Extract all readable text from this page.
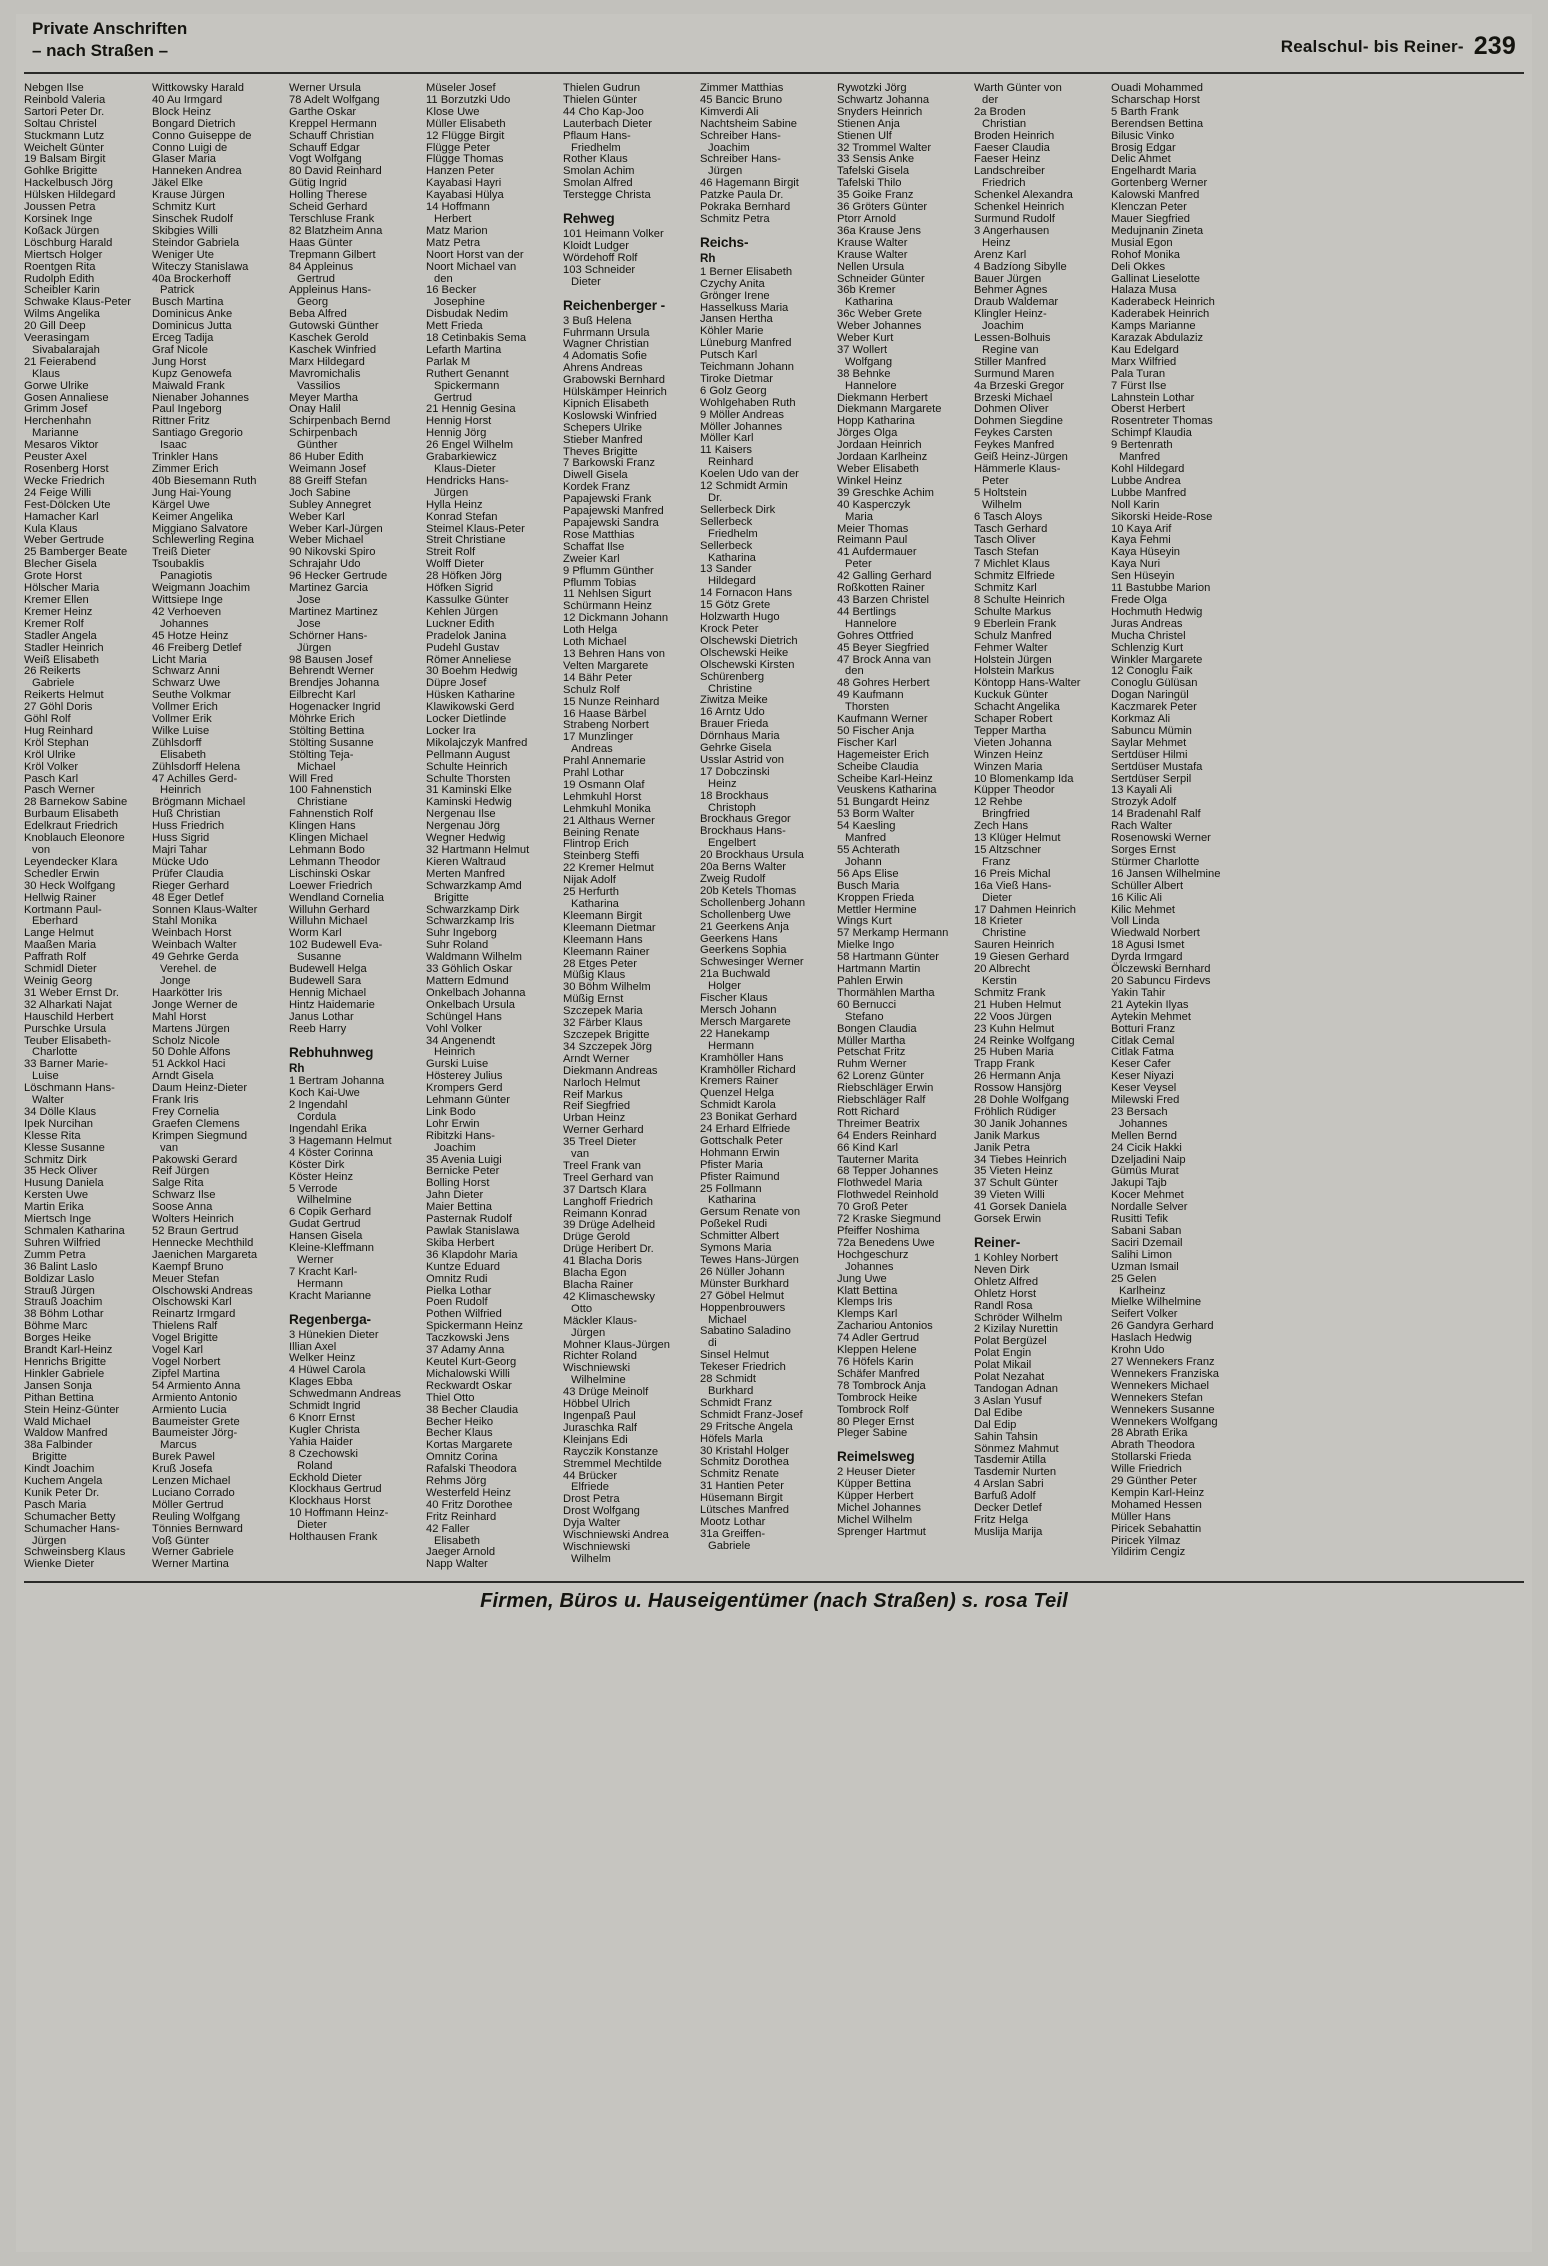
Private Anschriften
– nach Straßen –	Realschul- bis Reiner- 239
Nebgen Ilse
Reinbold Valeria
Sartori Peter Dr.
Soltau Christel
Stuckmann Lutz
Weichelt Günter
19 Balsam Birgit
Gohlke Brigitte
Hackelbusch Jörg
Hülsken Hildegard
Joussen Petra
Korsinek Inge
Koßack Jürgen
Löschburg Harald
Miertsch Holger
Roentgen Rita
Rudolph Edith
Scheibler Karin
Schwake Klaus-Peter
Wilms Angelika
20 Gill Deep
Veerasingam
Sivabalarajah
21 Feierabend
Klaus
Gorwe Ulrike
Gosen Annaliese
Grimm Josef
Herchenhahn
Marianne
Mesaros Viktor
Peuster Axel
Rosenberg Horst
Wecke Friedrich
24 Feige Willi
Fest-Dölcken Ute
Hamacher Karl
Kula Klaus
Weber Gertrude
25 Bamberger Beate
Blecher Gisela
Grote Horst
Hölscher Maria
Kremer Ellen
Kremer Heinz
Kremer Rolf
Stadler Angela
Stadler Heinrich
Weiß Elisabeth
26 Reikerts
Gabriele
Reikerts Helmut
27 Göhl Doris
Göhl Rolf
Hug Reinhard
Kröl Stephan
Kröl Ulrike
Kröl Volker
Pasch Karl
Pasch Werner
28 Barnekow Sabine
Burbaum Elisabeth
Edelkraut Friedrich
Knoblauch Eleonore
von
Leyendecker Klara
Schedler Erwin
30 Heck Wolfgang
Hellwig Rainer
Kortmann Paul-
Eberhard
Lange Helmut
Maaßen Maria
Paffrath Rolf
Schmidl Dieter
Weinig Georg
31 Weber Ernst Dr.
32 Alharkati Najat
Hauschild Herbert
Purschke Ursula
Teuber Elisabeth-
Charlotte
33 Barner Marie-
Luise
Löschmann Hans-
Walter
34 Dölle Klaus
Ipek Nurcihan
Klesse Rita
Klesse Susanne
Schmitz Dirk
35 Heck Oliver
Husung Daniela
Kersten Uwe
Martin Erika
Miertsch Inge
Schmalen Katharina
Suhren Wilfried
Zumm Petra
36 Balint Laslo
Boldizar Laslo
Strauß Jürgen
Strauß Joachim
38 Böhm Lothar
Böhme Marc
Borges Heike
Brandt Karl-Heinz
Henrichs Brigitte
Hinkler Gabriele
Jansen Sonja
Pithan Bettina
Stein Heinz-Günter
Wald Michael
Waldow Manfred
38a Falbinder
Brigitte
Kindt Joachim
Kuchem Angela
Kunik Peter Dr.
Pasch Maria
Schumacher Betty
Schumacher Hans-
Jürgen
Schweinsberg Klaus
Wienke Dieter
Wittkowsky Harald
40 Au Irmgard
Block Heinz
Bongard Dietrich
Conno Guiseppe de
Conno Luigi de
Glaser Maria
Hanneken Andrea
Jäkel Elke
Krause Jürgen
Schmitz Kurt
Sinschek Rudolf
Skibgies Willi
Steindor Gabriela
Weniger Ute
Witeczy Stanislawa
40a Brockerhoff
Patrick
Busch Martina
Dominicus Anke
Dominicus Jutta
Erceg Tadija
Graf Nicole
Jung Horst
Kupz Genowefa
Maiwald Frank
Nienaber Johannes
Paul Ingeborg
Rittner Fritz
Santiago Gregorio
Isaac
Trinkler Hans
Zimmer Erich
40b Biesemann Ruth
Jung Hai-Young
Kärgel Uwe
Keimer Angelika
Miggiano Salvatore
Schlewerling Regina
Treiß Dieter
Tsoubaklis
Panagiotis
Weigmann Joachim
Wittsiepe Inge
42 Verhoeven
Johannes
45 Hotze Heinz
46 Freiberg Detlef
Licht Maria
Schwarz Anni
Schwarz Uwe
Seuthe Volkmar
Vollmer Erich
Vollmer Erik
Wilke Luise
Zühlsdorff
Elisabeth
Zühlsdorff Helena
47 Achilles Gerd-
Heinrich
Brögmann Michael
Huß Christian
Huss Friedrich
Huss Sigrid
Majri Tahar
Mücke Udo
Prüfer Claudia
Rieger Gerhard
48 Eger Detlef
Sonnen Klaus-Walter
Stahl Monika
Weinbach Horst
Weinbach Walter
49 Gehrke Gerda
Verehel. de
Jonge
Haarkötter Iris
Jonge Werner de
Mahl Horst
Martens Jürgen
Scholz Nicole
50 Dohle Alfons
51 Ackkol Haci
Arndt Gisela
Daum Heinz-Dieter
Frank Iris
Frey Cornelia
Graefen Clemens
Krimpen Siegmund
van
Pakowski Gerard
Reif Jürgen
Salge Rita
Schwarz Ilse
Soose Anna
Wolters Heinrich
52 Braun Gertrud
Hennecke Mechthild
Jaenichen Margareta
Kaempf Bruno
Meuer Stefan
Olschowski Andreas
Olschowski Karl
Reinartz Irmgard
Thielens Ralf
Vogel Brigitte
Vogel Karl
Vogel Norbert
Zipfel Martina
54 Armiento Anna
Armiento Antonio
Armiento Lucia
Baumeister Grete
Baumeister Jörg-
Marcus
Burek Pawel
Kruß Josefa
Lenzen Michael
Luciano Corrado
Möller Gertrud
Reuling Wolfgang
Tönnies Bernward
Voß Günter
Werner Gabriele
Werner Martina
Werner Ursula
78 Adelt Wolfgang
Garthe Oskar
Kreppel Hermann
Schauff Christian
Schauff Edgar
Vogt Wolfgang
80 David Reinhard
Gütig Ingrid
Holling Therese
Scheid Gerhard
Terschluse Frank
82 Blatzheim Anna
Haas Günter
Trepmann Gilbert
84 Appleinus
Gertrud
Appleinus Hans-
Georg
Beba Alfred
Gutowski Günther
Kaschek Gerold
Kaschek Winfried
Marx Hildegard
Mavromichalis
Vassilios
Meyer Martha
Onay Halil
Schirpenbach Bernd
Schirpenbach
Günther
86 Huber Edith
Weimann Josef
88 Greiff Stefan
Joch Sabine
Subley Annegret
Weber Karl
Weber Karl-Jürgen
Weber Michael
90 Nikovski Spiro
Schrajahr Udo
96 Hecker Gertrude
Martinez Garcia
Jose
Martinez Martinez
Jose
Schörner Hans-
Jürgen
98 Bausen Josef
Behrendt Werner
Brendjes Johanna
Eilbrecht Karl
Hogenacker Ingrid
Möhrke Erich
Stölting Bettina
Stölting Susanne
Stölting Teja-
Michael
Will Fred
100 Fahnenstich
Christiane
Fahnenstich Rolf
Klingen Hans
Klingen Michael
Lehmann Bodo
Lehmann Theodor
Lischinski Oskar
Loewer Friedrich
Wendland Cornelia
Willuhn Gerhard
Willuhn Michael
Worm Karl
102 Budewell Eva-
Susanne
Budewell Helga
Budewell Sara
Hennig Michael
Hintz Haidemarie
Janus Lothar
Reeb Harry
Rebhuhnweg
Rh
1 Bertram Johanna
Koch Kai-Uwe
2 Ingendahl
Cordula
Ingendahl Erika
3 Hagemann Helmut
4 Köster Corinna
Köster Dirk
Köster Heinz
5 Verrode
Wilhelmine
6 Copik Gerhard
Gudat Gertrud
Hansen Gisela
Kleine-Kleffmann
Werner
7 Kracht Karl-
Hermann
Kracht Marianne
Regenberga-
3 Hünekien Dieter
Illian Axel
Welker Heinz
4 Hüwel Carola
Klages Ebba
Schwedmann Andreas
Schmidt Ingrid
6 Knorr Ernst
Kugler Christa
Yahia Haider
8 Czechowski
Roland
Eckhold Dieter
Klockhaus Gertrud
Klockhaus Horst
10 Hoffmann Heinz-
Dieter
Holthausen Frank
Müseler Josef
11 Borzutzki Udo
Klose Uwe
Müller Elisabeth
12 Flügge Birgit
Flügge Peter
Flügge Thomas
Hanzen Peter
Kayabasi Hayri
Kayabasi Hülya
14 Hoffmann
Herbert
Matz Marion
Matz Petra
Noort Horst van der
Noort Michael van
den
16 Becker
Josephine
Disbudak Nedim
Mett Frieda
18 Cetinbakis Sema
Lefarth Martina
Parlak M
Ruthert Genannt
Spickermann
Gertrud
21 Hennig Gesina
Hennig Horst
Hennig Jörg
26 Engel Wilhelm
Grabarkiewicz
Klaus-Dieter
Hendricks Hans-
Jürgen
Hylla Heinz
Konrad Stefan
Steimel Klaus-Peter
Streit Christiane
Streit Rolf
Wolff Dieter
28 Höfken Jörg
Höfken Sigrid
Kassulke Günter
Kehlen Jürgen
Luckner Edith
Pradelok Janina
Pudehl Gustav
Römer Anneliese
30 Boehm Hedwig
Düpre Josef
Hüsken Katharine
Klawikowski Gerd
Locker Dietlinde
Locker Ira
Mikolajczyk Manfred
Pellmann August
Schulte Heinrich
Schulte Thorsten
31 Kaminski Elke
Kaminski Hedwig
Nergenau Ilse
Nergenau Jörg
Wegner Hedwig
32 Hartmann Helmut
Kieren Waltraud
Merten Manfred
Schwarzkamp Amd
Brigitte
Schwarzkamp Dirk
Schwarzkamp Iris
Suhr Ingeborg
Suhr Roland
Waldmann Wilhelm
33 Göhlich Oskar
Mattern Edmund
Onkelbach Johanna
Onkelbach Ursula
Schüngel Hans
Vohl Volker
34 Angenendt
Heinrich
Gurski Luise
Hösterey Julius
Krompers Gerd
Lehmann Günter
Link Bodo
Lohr Erwin
Ribitzki Hans-
Joachim
35 Avenia Luigi
Bernicke Peter
Bolling Horst
Jahn Dieter
Maier Bettina
Pasternak Rudolf
Pawlak Stanislawa
Skiba Herbert
36 Klapdohr Maria
Kuntze Eduard
Omnitz Rudi
Pielka Lothar
Poen Rudolf
Pothen Wilfried
Spickermann Heinz
Taczkowski Jens
37 Adamy Anna
Keutel Kurt-Georg
Michalowski Willi
Reckwardt Oskar
Thiel Otto
38 Becher Claudia
Becher Heiko
Becher Klaus
Kortas Margarete
Omnitz Corina
Rafalski Theodora
Rehms Jörg
Westerfeld Heinz
40 Fritz Dorothee
Fritz Reinhard
42 Faller
Elisabeth
Jaeger Arnold
Napp Walter
Thielen Gudrun
Thielen Günter
44 Cho Kap-Joo
Lauterbach Dieter
Pflaum Hans-
Friedhelm
Rother Klaus
Smolan Achim
Smolan Alfred
Terstegge Christa
Rehweg
101 Heimann Volker
Kloidt Ludger
Wördehoff Rolf
103 Schneider
Dieter
Reichenberger -
3 Buß Helena
Fuhrmann Ursula
Wagner Christian
4 Adomatis Sofie
Ahrens Andreas
Grabowski Bernhard
Hülskämper Heinrich
Kipnich Elisabeth
Koslowski Winfried
Schepers Ulrike
Stieber Manfred
Theves Brigitte
7 Barkowski Franz
Diwell Gisela
Kordek Franz
Papajewski Frank
Papajewski Manfred
Papajewski Sandra
Rose Matthias
Schaffat Ilse
Zweier Karl
9 Pflumm Günther
Pflumm Tobias
11 Nehlsen Sigurt
Schürmann Heinz
12 Dickmann Johann
Loth Helga
Loth Michael
13 Behren Hans von
Velten Margarete
14 Bähr Peter
Schulz Rolf
15 Nunze Reinhard
16 Haase Bärbel
Strabeng Norbert
17 Munzlinger
Andreas
Prahl Annemarie
Prahl Lothar
19 Osmann Olaf
Lehmkuhl Horst
Lehmkuhl Monika
21 Althaus Werner
Beining Renate
Flintrop Erich
Steinberg Steffi
22 Kremer Helmut
Nijak Adolf
25 Herfurth
Katharina
Kleemann Birgit
Kleemann Dietmar
Kleemann Hans
Kleemann Rainer
28 Etges Peter
Müßig Klaus
30 Böhm Wilhelm
Müßig Ernst
Szczepek Maria
32 Färber Klaus
Szczepek Brigitte
34 Szczepek Jörg
Arndt Werner
Diekmann Andreas
Narloch Helmut
Reif Markus
Reif Siegfried
Urban Heinz
Werner Gerhard
35 Treel Dieter
van
Treel Frank van
Treel Gerhard van
37 Dartsch Klara
Langhoff Friedrich
Reimann Konrad
39 Drüge Adelheid
Drüge Gerold
Drüge Heribert Dr.
41 Blacha Doris
Blacha Egon
Blacha Rainer
42 Klimaschewsky
Otto
Mäckler Klaus-
Jürgen
Mohner Klaus-Jürgen
Richter Roland
Wischniewski
Wilhelmine
43 Drüge Meinolf
Höbbel Ulrich
Ingenpaß Paul
Juraschka Ralf
Kleinjans Edi
Rayczik Konstanze
Stremmel Mechtilde
44 Brücker
Elfriede
Drost Petra
Drost Wolfgang
Dyja Walter
Wischniewski Andrea
Wischniewski
Wilhelm
Zimmer Matthias
45 Bancic Bruno
Kimverdi Ali
Nachtsheim Sabine
Schreiber Hans-
Joachim
Schreiber Hans-
Jürgen
46 Hagemann Birgit
Patzke Paula Dr.
Pokraka Bernhard
Schmitz Petra
Reichs-
Rh
1 Berner Elisabeth
Czychy Anita
Grönger Irene
Hasselkuss Maria
Jansen Hertha
Köhler Marie
Lüneburg Manfred
Putsch Karl
Teichmann Johann
Tiroke Dietmar
6 Golz Georg
Wohlgehaben Ruth
9 Möller Andreas
Möller Johannes
Möller Karl
11 Kaisers
Reinhard
Koelen Udo van der
12 Schmidt Armin
Dr.
Sellerbeck Dirk
Sellerbeck
Friedhelm
Sellerbeck
Katharina
13 Sander
Hildegard
14 Fornacon Hans
15 Götz Grete
Holzwarth Hugo
Krock Peter
Olschewski Dietrich
Olschewski Heike
Olschewski Kirsten
Schürenberg
Christine
Ziwitza Meike
16 Arntz Udo
Brauer Frieda
Dörnhaus Maria
Gehrke Gisela
Usslar Astrid von
17 Dobczinski
Heinz
18 Brockhaus
Christoph
Brockhaus Gregor
Brockhaus Hans-
Engelbert
20 Brockhaus Ursula
20a Berns Walter
Zweig Rudolf
20b Ketels Thomas
Schollenberg Johann
Schollenberg Uwe
21 Geerkens Anja
Geerkens Hans
Geerkens Sophia
Schwesinger Werner
21a Buchwald
Holger
Fischer Klaus
Mersch Johann
Mersch Margarete
22 Hanekamp
Hermann
Kramhöller Hans
Kramhöller Richard
Kremers Rainer
Quenzel Helga
Schmidt Karola
23 Bonikat Gerhard
24 Erhard Elfriede
Gottschalk Peter
Hohmann Erwin
Pfister Maria
Pfister Raimund
25 Follmann
Katharina
Gersum Renate von
Poßekel Rudi
Schmitter Albert
Symons Maria
Tewes Hans-Jürgen
26 Nüller Johann
Münster Burkhard
27 Göbel Helmut
Hoppenbrouwers
Michael
Sabatino Saladino
di
Sinsel Helmut
Tekeser Friedrich
28 Schmidt
Burkhard
Schmidt Franz
Schmidt Franz-Josef
29 Fritsche Angela
Höfels Marla
30 Kristahl Holger
Schmitz Dorothea
Schmitz Renate
31 Hantien Peter
Hüsemann Birgit
Lütsches Manfred
Mootz Lothar
31a Greiffen-
Gabriele
Rywotzki Jörg
Schwartz Johanna
Snyders Heinrich
Stienen Anja
Stienen Ulf
32 Trommel Walter
33 Sensis Anke
Tafelski Gisela
Tafelski Thilo
35 Goike Franz
36 Gröters Günter
Ptorr Arnold
36a Krause Jens
Krause Walter
Krause Walter
Nellen Ursula
Schneider Günter
36b Kremer
Katharina
36c Weber Grete
Weber Johannes
Weber Kurt
37 Wollert
Wolfgang
38 Behnke
Hannelore
Diekmann Herbert
Diekmann Margarete
Hopp Katharina
Jörges Olga
Jordaan Heinrich
Jordaan Karlheinz
Weber Elisabeth
Winkel Heinz
39 Greschke Achim
40 Kasperczyk
Maria
Meier Thomas
Reimann Paul
41 Aufdermauer
Peter
42 Galling Gerhard
Roßkotten Rainer
43 Barzen Christel
44 Bertlings
Hannelore
Gohres Ottfried
45 Beyer Siegfried
47 Brock Anna van
den
48 Gohres Herbert
49 Kaufmann
Thorsten
Kaufmann Werner
50 Fischer Anja
Fischer Karl
Hagemeister Erich
Scheibe Claudia
Scheibe Karl-Heinz
Veuskens Katharina
51 Bungardt Heinz
53 Borm Walter
54 Kaesling
Manfred
55 Achterath
Johann
56 Aps Elise
Busch Maria
Kroppen Frieda
Mettler Hermine
Wings Kurt
57 Merkamp Hermann
Mielke Ingo
58 Hartmann Günter
Hartmann Martin
Pahlen Erwin
Thormählen Martha
60 Bernucci
Stefano
Bongen Claudia
Müller Martha
Petschat Fritz
Ruhm Werner
62 Lorenz Günter
Riebschläger Erwin
Riebschläger Ralf
Rott Richard
Threimer Beatrix
64 Enders Reinhard
66 Kind Karl
Tauterner Marita
68 Tepper Johannes
Flothwedel Maria
Flothwedel Reinhold
70 Groß Peter
72 Kraske Siegmund
Pfeiffer Noshima
72a Benedens Uwe
Hochgeschurz
Johannes
Jung Uwe
Klatt Bettina
Klemps Iris
Klemps Karl
Zachariou Antonios
74 Adler Gertrud
Kleppen Helene
76 Höfels Karin
Schäfer Manfred
78 Tombrock Anja
Tombrock Heike
Tombrock Rolf
80 Pleger Ernst
Pleger Sabine
Reimelsweg
2 Heuser Dieter
Küpper Bettina
Küpper Herbert
Michel Johannes
Michel Wilhelm
Sprenger Hartmut
Warth Günter von
der
2a Broden
Christian
Broden Heinrich
Faeser Claudia
Faeser Heinz
Landschreiber
Friedrich
Schenkel Alexandra
Schenkel Heinrich
Surmund Rudolf
3 Angerhausen
Heinz
Arenz Karl
4 Badzíong Sibylle
Bauer Jürgen
Behmer Agnes
Draub Waldemar
Klingler Heinz-
Joachim
Lessen-Bolhuis
Regine van
Stiller Manfred
Surmund Maren
4a Brzeski Gregor
Brzeski Michael
Dohmen Oliver
Dohmen Siegdine
Feykes Carsten
Feykes Manfred
Geiß Heinz-Jürgen
Hämmerle Klaus-
Peter
5 Holtstein
Wilhelm
6 Tasch Aloys
Tasch Gerhard
Tasch Oliver
Tasch Stefan
7 Michlet Klaus
Schmitz Elfriede
Schmitz Karl
8 Schulte Heinrich
Schulte Markus
9 Eberlein Frank
Schulz Manfred
Fehmer Walter
Holstein Jürgen
Holstein Markus
Köntopp Hans-Walter
Kuckuk Günter
Schacht Angelika
Schaper Robert
Tepper Martha
Vieten Johanna
Winzen Heinz
Winzen Maria
10 Blomenkamp Ida
Küpper Theodor
12 Rehbe
Bringfried
Zech Hans
13 Klüger Helmut
15 Altzschner
Franz
16 Preis Michal
16a Vieß Hans-
Dieter
17 Dahmen Heinrich
18 Krieter
Christine
Sauren Heinrich
19 Giesen Gerhard
20 Albrecht
Kerstin
Schmitz Frank
21 Huben Helmut
22 Voos Jürgen
23 Kuhn Helmut
24 Reinke Wolfgang
25 Huben Maria
Trapp Frank
26 Hermann Anja
Rossow Hansjörg
28 Dohle Wolfgang
Fröhlich Rüdiger
30 Janik Johannes
Janik Markus
Janik Petra
34 Tiebes Heinrich
35 Vieten Heinz
37 Schult Günter
39 Vieten Willi
41 Gorsek Daniela
Gorsek Erwin
Reiner-
1 Kohley Norbert
Neven Dirk
Ohletz Alfred
Ohletz Horst
Randl Rosa
Schröder Wilhelm
2 Kizilay Nurettin
Polat Bergüzel
Polat Engin
Polat Mikail
Polat Nezahat
Tandogan Adnan
3 Aslan Yusuf
Dal Edibe
Dal Edip
Sahin Tahsin
Sönmez Mahmut
Tasdemir Atilla
Tasdemir Nurten
4 Arslan Sabri
Barfuß Adolf
Decker Detlef
Fritz Helga
Muslija Marija
Ouadi Mohammed
Scharschap Horst
5 Barth Frank
Berendsen Bettina
Bilusic Vinko
Brosig Edgar
Delic Ahmet
Engelhardt Maria
Gortenberg Werner
Kalowski Manfred
Klenczan Peter
Mauer Siegfried
Medujnanin Zineta
Musial Egon
Rohof Monika
Deli Okkes
Gallinat Lieselotte
Halaza Musa
Kaderabeck Heinrich
Kaderabek Heinrich
Kamps Marianne
Karazak Abdulaziz
Kau Edelgard
Marx Wilfried
Pala Turan
7 Fürst Ilse
Lahnstein Lothar
Oberst Herbert
Rosentreter Thomas
Schimpf Klaudia
9 Bertenrath
Manfred
Kohl Hildegard
Lubbe Andrea
Lubbe Manfred
Noll Karin
Sikorski Heide-Rose
10 Kaya Arif
Kaya Fehmi
Kaya Hüseyin
Kaya Nuri
Sen Hüseyin
11 Bastubbe Marion
Frede Olga
Hochmuth Hedwig
Juras Andreas
Mucha Christel
Schlenzig Kurt
Winkler Margarete
12 Conoglu Faik
Conoglu Gülüsan
Dogan Naringül
Kaczmarek Peter
Korkmaz Ali
Sabuncu Mümin
Saylar Mehmet
Sertdüser Hilmi
Sertdüser Mustafa
Sertdüser Serpil
13 Kayali Ali
Strozyk Adolf
14 Bradenahl Ralf
Rach Walter
Rosenowski Werner
Sorges Ernst
Stürmer Charlotte
16 Jansen Wilhelmine
Schüller Albert
16 Kilic Ali
Kilic Mehmet
Voll Linda
Wiedwald Norbert
18 Agusi Ismet
Dyrda Irmgard
Ölczewski Bernhard
20 Sabuncu Firdevs
Yakin Tahir
21 Aytekin Ilyas
Aytekin Mehmet
Botturi Franz
Citlak Cemal
Citlak Fatma
Keser Cafer
Keser Niyazi
Keser Veysel
Milewski Fred
23 Bersach
Johannes
Mellen Bernd
24 Cicik Hakki
Dzeljadini Naip
Gümüs Murat
Jakupi Tajb
Kocer Mehmet
Nordalle Selver
Rusitti Tefik
Sabani Saban
Saciri Dzemail
Salihi Limon
Uzman Ismail
25 Gelen
Karlheinz
Mielke Wilhelmine
Seifert Volker
26 Gandyra Gerhard
Haslach Hedwig
Krohn Udo
27 Wennekers Franz
Wennekers Franziska
Wennekers Michael
Wennekers Stefan
Wennekers Susanne
Wennekers Wolfgang
28 Abrath Erika
Abrath Theodora
Stollarski Frieda
Wille Friedrich
29 Günther Peter
Kempin Karl-Heinz
Mohamed Hessen
Müller Hans
Piricek Sebahattin
Piricek Yilmaz
Yildirim Cengiz
Firmen, Büros u. Hauseigentümer (nach Straßen) s. rosa Teil
